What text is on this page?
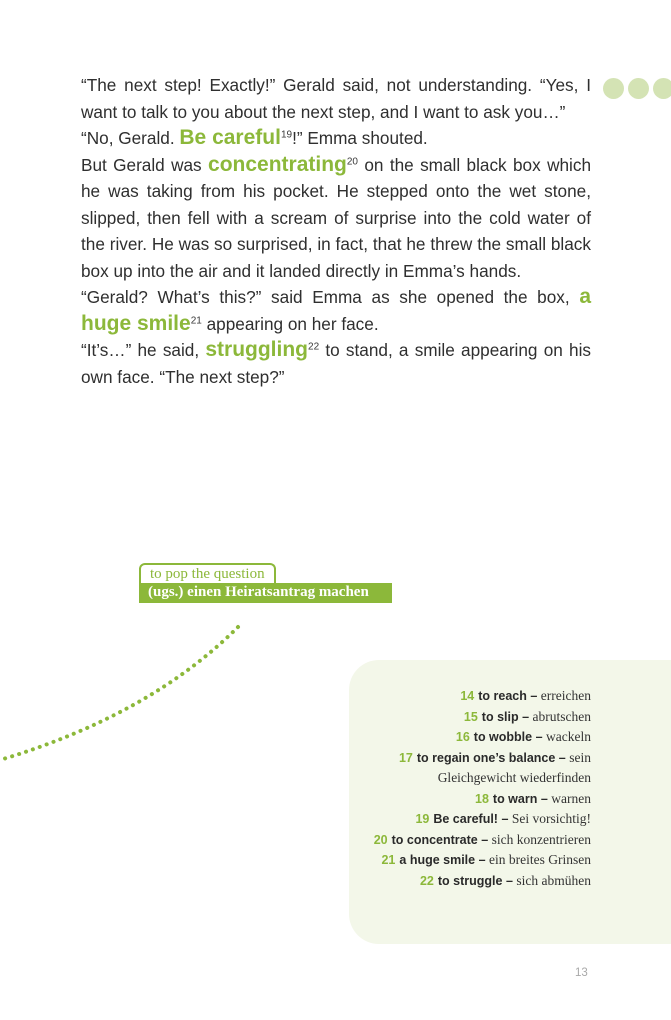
“The next step! Exactly!” Gerald said, not understanding. “Yes, I want to talk to you about the next step, and I want to ask you…”

“No, Gerald. Be careful$^{19}$!” Emma shouted.

But Gerald was concentrating$^{20}$ on the small black box which he was taking from his pocket. He stepped onto the wet stone, slipped, then fell with a scream of surprise into the cold water of the river. He was so surprised, in fact, that he threw the small black box up into the air and it landed directly in Emma’s hands.

“Gerald? What’s this?” said Emma as she opened the box, a huge smile$^{21}$ appearing on her face.

“It’s…” he said, struggling$^{22}$ to stand, a smile appearing on his own face. “The next step?”

to pop the question
(ugs.) einen Heiratsantrag machen
14 to reach – erreichen
15 to slip – abrutschen
16 to wobble – wackeln
17 to regain one’s balance – sein Gleichgewicht wiederfinden
18 to warn – warnen
19 Be careful! – Sei vorsichtig!
20 to concentrate – sich konzentrieren
21 a huge smile – ein breites Grinsen
22 to struggle – sich abmühen
13
